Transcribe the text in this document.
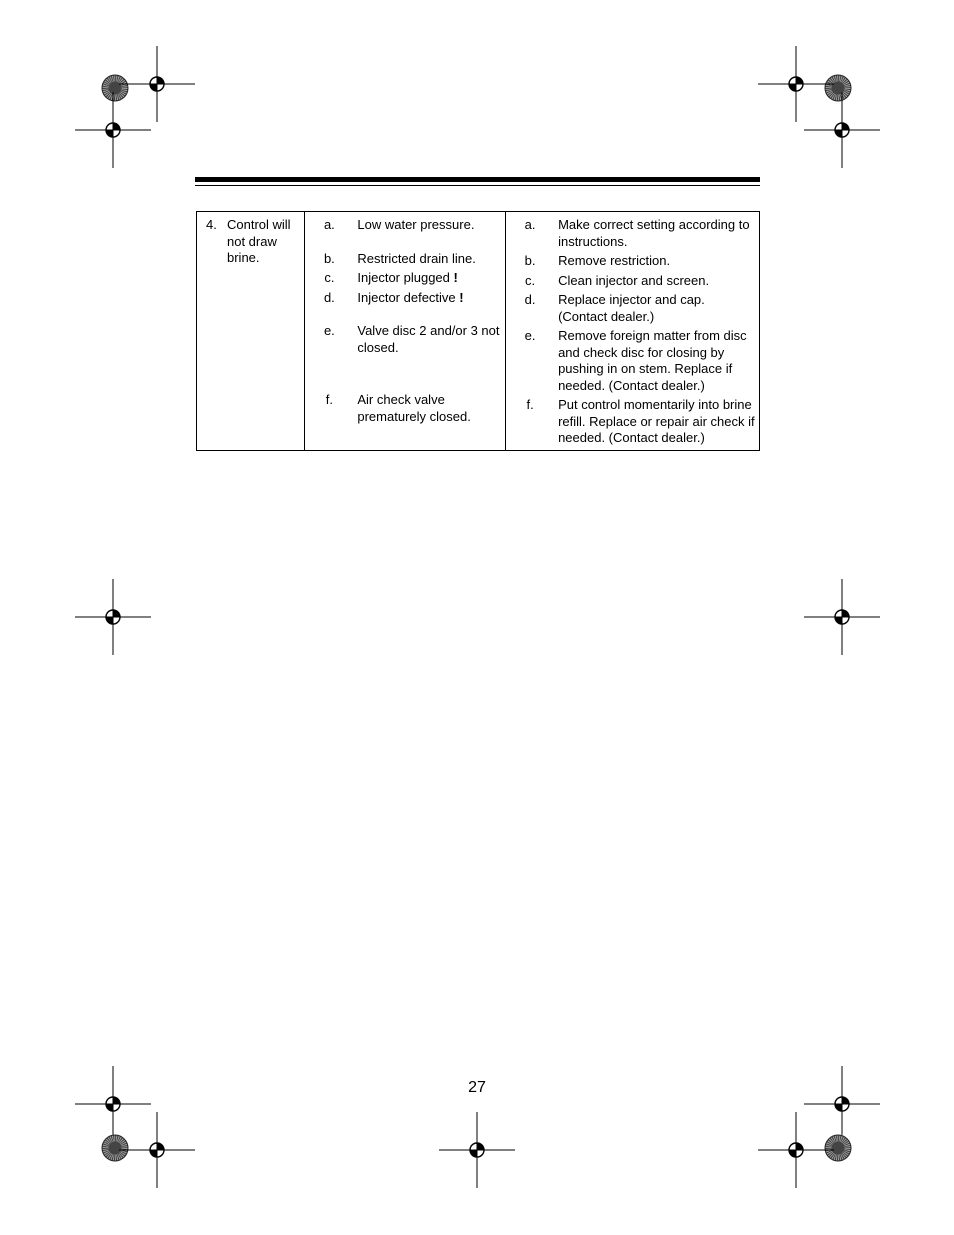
4. Control will not draw brine.

a.	Low water pressure.
b.	Restricted drain line.
c.	Injector plugged !
d.	Injector defective !
e.	Valve disc 2 and/or 3 not closed.
f.	Air check valve prematurely closed.

a.	Make correct setting according to instructions.
b.	Remove restriction.
c.	Clean injector and screen.
d.	Replace injector and cap. (Contact dealer.)
e.	Remove foreign matter from disc and check disc for closing by pushing in on stem. Replace if needed. (Contact dealer.)
f.	Put control momentarily into brine refill. Replace or repair air check if needed. (Contact dealer.)
27
